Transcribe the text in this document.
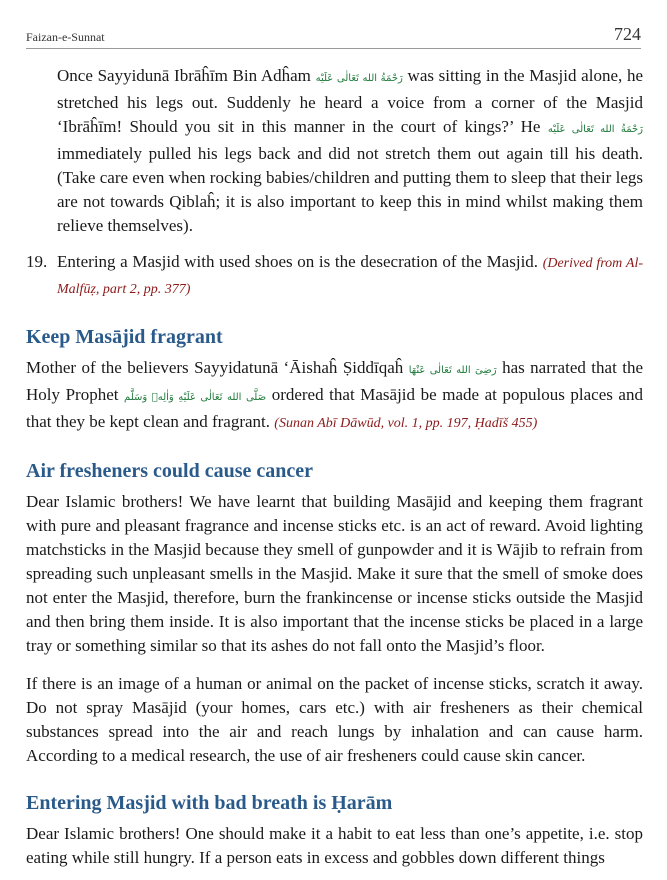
Faizan-e-Sunnat	724

Once Sayyidunā Ibrāĥīm Bin Adĥam رَحْمَةُ الله تَعَالٰی عَلَیْه was sitting in the Masjid alone, he stretched his legs out. Suddenly he heard a voice from a corner of the Masjid ‘Ibrāĥīm! Should you sit in this manner in the court of kings?’ He رَحْمَةُ الله تَعَالٰی عَلَیْه immediately pulled his legs back and did not stretch them out again till his death. (Take care even when rocking babies/children and putting them to sleep that their legs are not towards Qiblaĥ; it is also important to keep this in mind whilst making them relieve themselves).

19. Entering a Masjid with used shoes on is the desecration of the Masjid. (Derived from Al-Malfūẓ, part 2, pp. 377)
Keep Masājid fragrant

Mother of the believers Sayyidatunā ‘Āishaĥ Ṣiddīqaĥ رَضِیَ الله تَعَالٰی عَنْهَا has narrated that the Holy Prophet صَلَّی الله تَعَالٰی عَلَیْهِ وَاٰلِهٖ وَسَلَّم ordered that Masājid be made at populous places and that they be kept clean and fragrant. (Sunan Abī Dāwūd, vol. 1, pp. 197, Ḥadīš 455)

Air fresheners could cause cancer

Dear Islamic brothers! We have learnt that building Masājid and keeping them fragrant with pure and pleasant fragrance and incense sticks etc. is an act of reward. Avoid lighting matchsticks in the Masjid because they smell of gunpowder and it is Wājib to refrain from spreading such unpleasant smells in the Masjid. Make it sure that the smell of smoke does not enter the Masjid, therefore, burn the frankincense or incense sticks outside the Masjid and then bring them inside. It is also important that the incense sticks be placed in a large tray or something similar so that its ashes do not fall onto the Masjid’s floor.

If there is an image of a human or animal on the packet of incense sticks, scratch it away. Do not spray Masājid (your homes, cars etc.) with air fresheners as their chemical substances spread into the air and reach lungs by inhalation and can cause harm. According to a medical research, the use of air fresheners could cause skin cancer.

Entering Masjid with bad breath is Ḥarām

Dear Islamic brothers! One should make it a habit to eat less than one’s appetite, i.e. stop eating while still hungry. If a person eats in excess and gobbles down different things
